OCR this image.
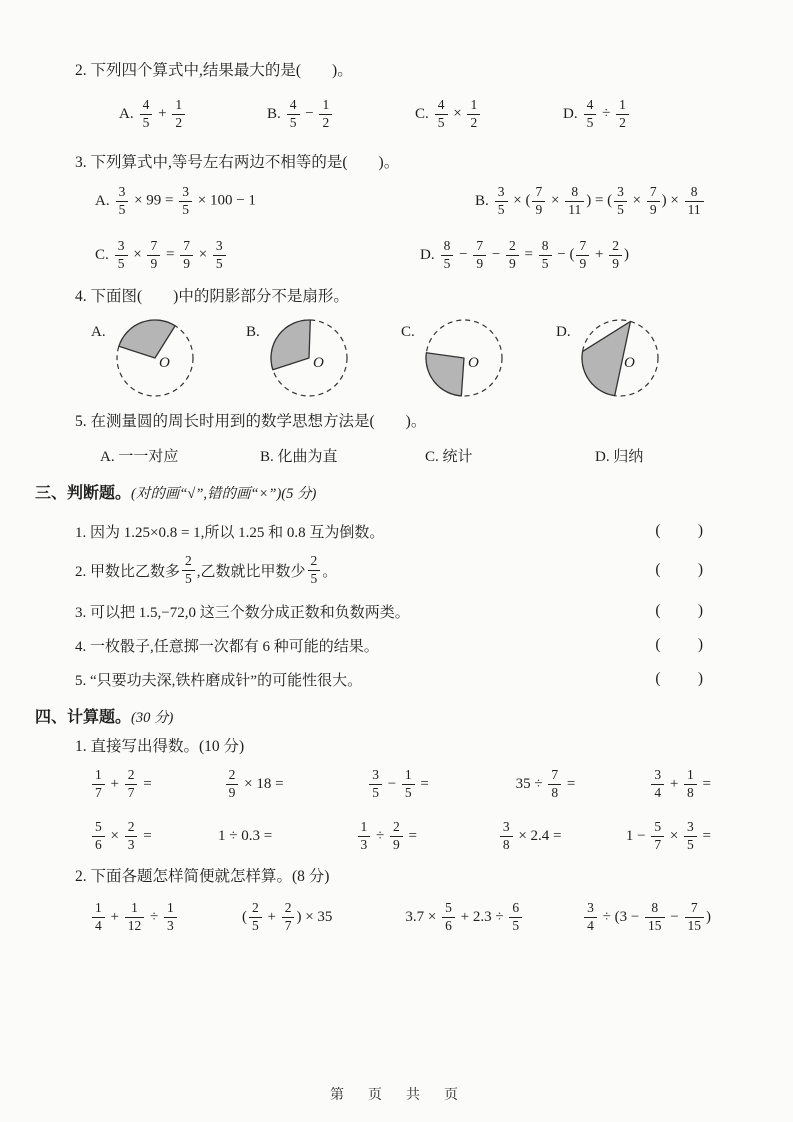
2. 下列四个算式中,结果最大的是(　　)。
A. $\frac{4}{5} + \frac{1}{2}$	B. $\frac{4}{5} - \frac{1}{2}$	C. $\frac{4}{5} \times \frac{1}{2}$	D. $\frac{4}{5} \div \frac{1}{2}$
3. 下列算式中,等号左右两边不相等的是(　　)。
A. $\frac{3}{5} \times 99 = \frac{3}{5} \times 100 - 1$	B. $\frac{3}{5}$ × ( $\frac{7}{9} \times \frac{8}{11}$ ) = ( $\frac{3}{5} \times \frac{7}{9}$ ) × $\frac{8}{11}$
C. $\frac{3}{5} \times \frac{7}{9} = \frac{7}{9} \times \frac{3}{5}$	D. $\frac{8}{5} - \frac{7}{9} - \frac{2}{9} = \frac{8}{5}$ − ( $\frac{7}{9} + \frac{2}{9}$ )
4. 下面图(　　)中的阴影部分不是扇形。
A.
O
B.
O
C.
O
D.
O
5. 在测量圆的周长时用到的数学思想方法是(　　)。
A. 一一对应	B. 化曲为直	C. 统计	D. 归纳
三、判断题。(对的画“√”,错的画“×”)(5 分)
1. 因为 1.25×0.8 = 1,所以 1.25 和 0.8 互为倒数。	(      )
2. 甲数比乙数多 $\frac{2}{5}$ ,乙数就比甲数少 $\frac{2}{5}$ 。	(      )
3. 可以把 1.5,−72,0 这三个数分成正数和负数两类。	(      )
4. 一枚骰子,任意掷一次都有 6 种可能的结果。	(      )
5. “只要功夫深,铁杵磨成针”的可能性很大。	(      )
四、计算题。(30 分)
1. 直接写出得数。(10 分)
$\frac{1}{7} + \frac{2}{7}$ =	$\frac{2}{9} \times 18$ =	$\frac{3}{5} - \frac{1}{5}$ =	$35 \div \frac{7}{8}$ =	$\frac{3}{4} + \frac{1}{8}$ =
$\frac{5}{6} \times \frac{2}{3}$ =	1 ÷ 0.3 =	$\frac{1}{3} \div \frac{2}{9}$ =	$\frac{3}{8} \times 2.4$ =	$1 - \frac{5}{7} \times \frac{3}{5}$ =
2. 下面各题怎样简便就怎样算。(8 分)
$\frac{1}{4} + \frac{1}{12} \div \frac{1}{3}$	( $\frac{2}{5} + \frac{2}{7}$ ) × 35	$3.7 \times \frac{5}{6} + 2.3 \div \frac{6}{5}$	$\frac{3}{4} \div (3 - \frac{8}{15} - \frac{7}{15}$ )
第　页　共　页
